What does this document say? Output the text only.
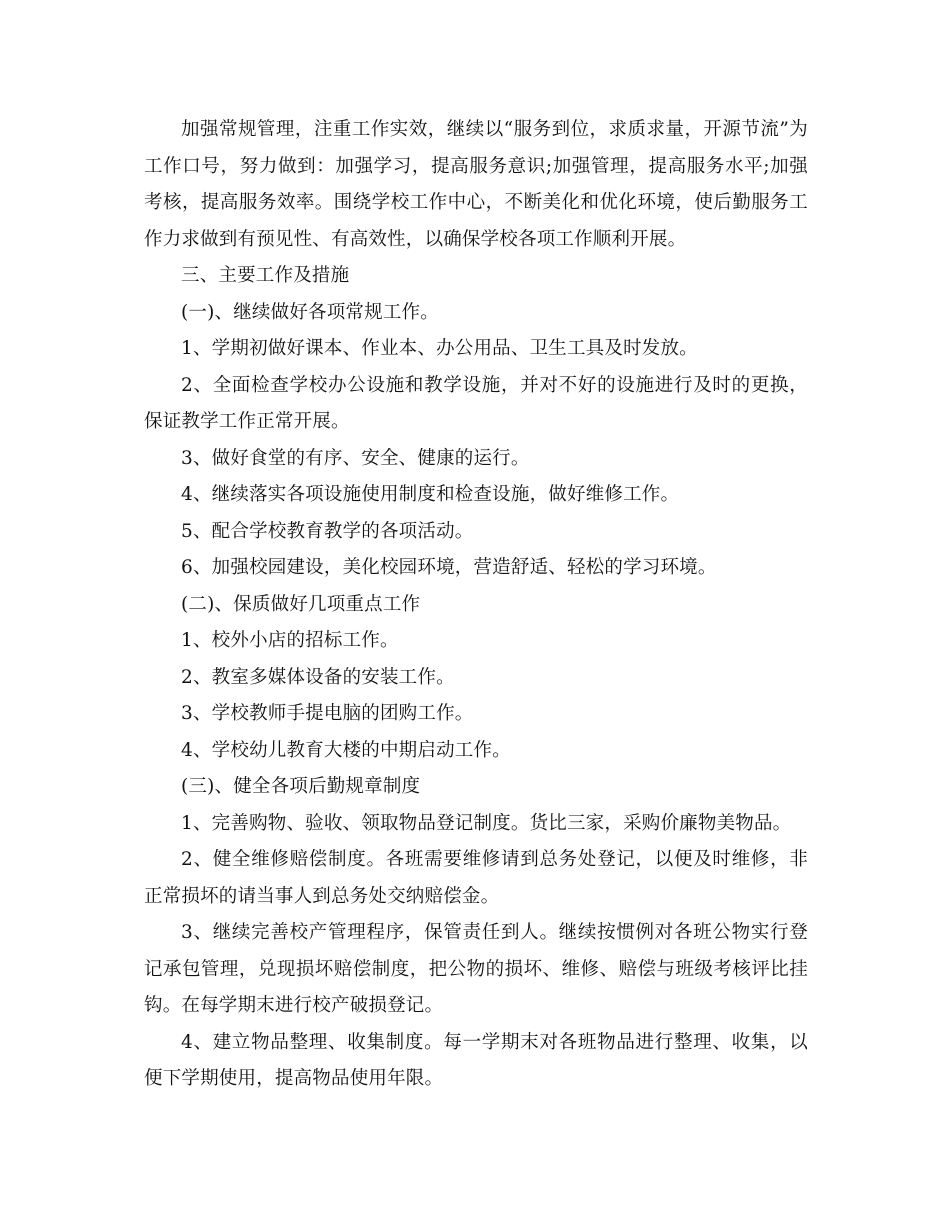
加强常规管理，注重工作实效，继续以“服务到位，求质求量，开源节流”为工作口号，努力做到：加强学习，提高服务意识;加强管理，提高服务水平;加强考核，提高服务效率。围绕学校工作中心，不断美化和优化环境，使后勤服务工作力求做到有预见性、有高效性，以确保学校各项工作顺利开展。

三、主要工作及措施

(一)、继续做好各项常规工作。

1、学期初做好课本、作业本、办公用品、卫生工具及时发放。

2、全面检查学校办公设施和教学设施，并对不好的设施进行及时的更换，保证教学工作正常开展。

3、做好食堂的有序、安全、健康的运行。

4、继续落实各项设施使用制度和检查设施，做好维修工作。

5、配合学校教育教学的各项活动。

6、加强校园建设，美化校园环境，营造舒适、轻松的学习环境。

(二)、保质做好几项重点工作

1、校外小店的招标工作。

2、教室多媒体设备的安装工作。

3、学校教师手提电脑的团购工作。

4、学校幼儿教育大楼的中期启动工作。

(三)、健全各项后勤规章制度

1、完善购物、验收、领取物品登记制度。货比三家，采购价廉物美物品。

2、健全维修赔偿制度。各班需要维修请到总务处登记，以便及时维修，非正常损坏的请当事人到总务处交纳赔偿金。

3、继续完善校产管理程序，保管责任到人。继续按惯例对各班公物实行登记承包管理，兑现损坏赔偿制度，把公物的损坏、维修、赔偿与班级考核评比挂钩。在每学期末进行校产破损登记。

4、建立物品整理、收集制度。每一学期末对各班物品进行整理、收集，以便下学期使用，提高物品使用年限。
